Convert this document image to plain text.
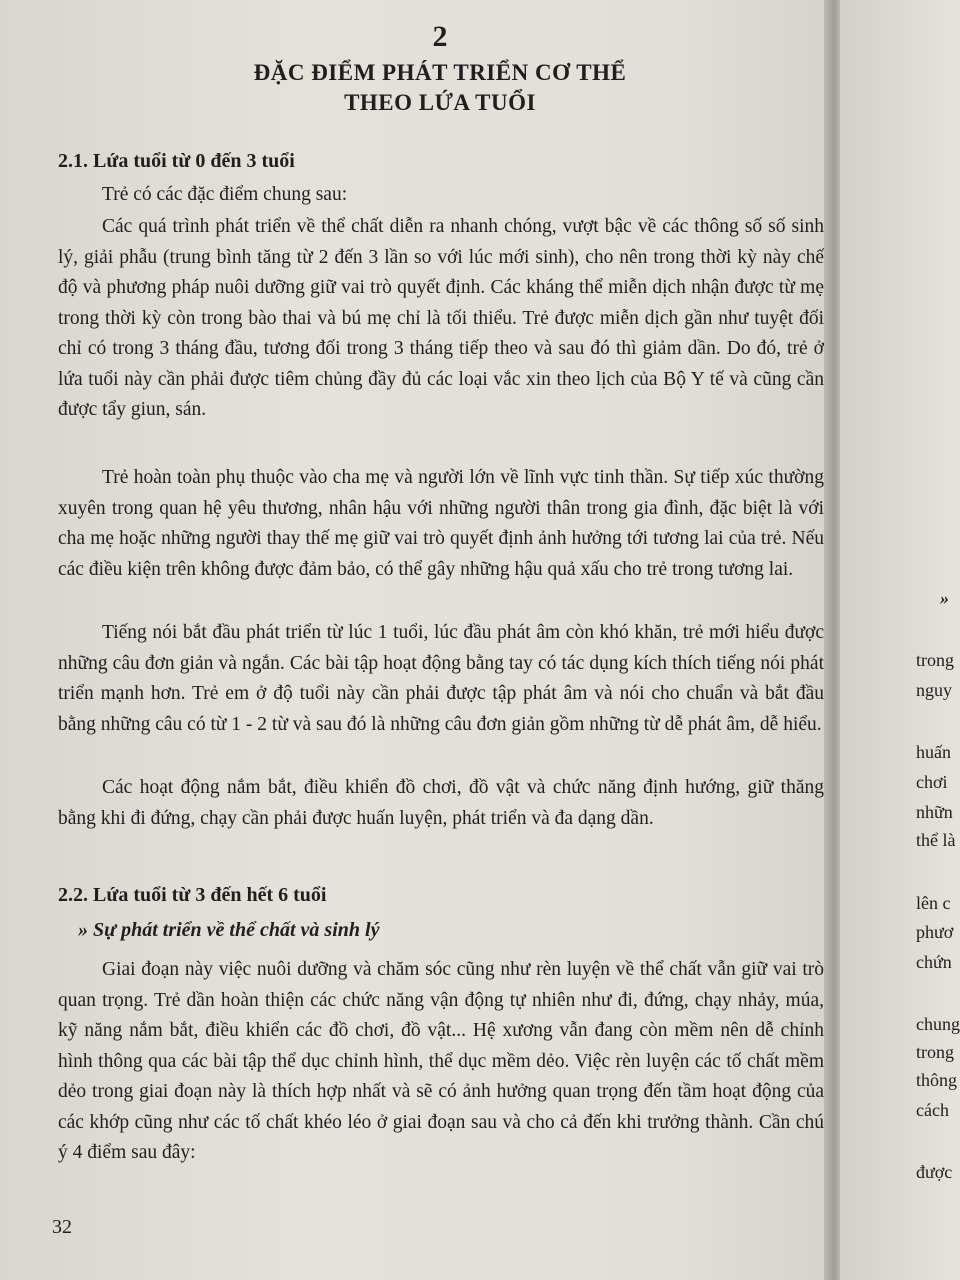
2
ĐẶC ĐIỂM PHÁT TRIỂN CƠ THỂ
THEO LỨA TUỔI
2.1. Lứa tuổi từ 0 đến 3 tuổi

Trẻ có các đặc điểm chung sau:

Các quá trình phát triển về thể chất diễn ra nhanh chóng, vượt bậc về các thông số số sinh lý, giải phẫu (trung bình tăng từ 2 đến 3 lần so với lúc mới sinh), cho nên trong thời kỳ này chế độ và phương pháp nuôi dưỡng giữ vai trò quyết định. Các kháng thể miễn dịch nhận được từ mẹ trong thời kỳ còn trong bào thai và bú mẹ chỉ là tối thiểu. Trẻ được miễn dịch gần như tuyệt đối chỉ có trong 3 tháng đầu, tương đối trong 3 tháng tiếp theo và sau đó thì giảm dần. Do đó, trẻ ở lứa tuổi này cần phải được tiêm chủng đầy đủ các loại vắc xin theo lịch của Bộ Y tế và cũng cần được tẩy giun, sán.

Trẻ hoàn toàn phụ thuộc vào cha mẹ và người lớn về lĩnh vực tinh thần. Sự tiếp xúc thường xuyên trong quan hệ yêu thương, nhân hậu với những người thân trong gia đình, đặc biệt là với cha mẹ hoặc những người thay thế mẹ giữ vai trò quyết định ảnh hưởng tới tương lai của trẻ. Nếu các điều kiện trên không được đảm bảo, có thể gây những hậu quả xấu cho trẻ trong tương lai.

Tiếng nói bắt đầu phát triển từ lúc 1 tuổi, lúc đầu phát âm còn khó khăn, trẻ mới hiểu được những câu đơn giản và ngắn. Các bài tập hoạt động bằng tay có tác dụng kích thích tiếng nói phát triển mạnh hơn. Trẻ em ở độ tuổi này cần phải được tập phát âm và nói cho chuẩn và bắt đầu bằng những câu có từ 1 - 2 từ và sau đó là những câu đơn giản gồm những từ dễ phát âm, dễ hiểu.

Các hoạt động nắm bắt, điều khiển đồ chơi, đồ vật và chức năng định hướng, giữ thăng bằng khi đi đứng, chạy cần phải được huấn luyện, phát triển và đa dạng dần.

2.2. Lứa tuổi từ 3 đến hết 6 tuổi
» Sự phát triển về thể chất và sinh lý

Giai đoạn này việc nuôi dưỡng và chăm sóc cũng như rèn luyện về thể chất vẫn giữ vai trò quan trọng. Trẻ dần hoàn thiện các chức năng vận động tự nhiên như đi, đứng, chạy nhảy, múa, kỹ năng nắm bắt, điều khiển các đồ chơi, đồ vật... Hệ xương vẫn đang còn mềm nên dễ chỉnh hình thông qua các bài tập thể dục chỉnh hình, thể dục mềm dẻo. Việc rèn luyện các tố chất mềm dẻo trong giai đoạn này là thích hợp nhất và sẽ có ảnh hưởng quan trọng đến tầm hoạt động của các khớp cũng như các tố chất khéo léo ở giai đoạn sau và cho cả đến khi trưởng thành. Cần chú ý 4 điểm sau đây:

32
»
trong
nguy
huấn
chơi
nhữn
thể là
lên c
phươ
chứn
chung
trong
thông
cách
được
